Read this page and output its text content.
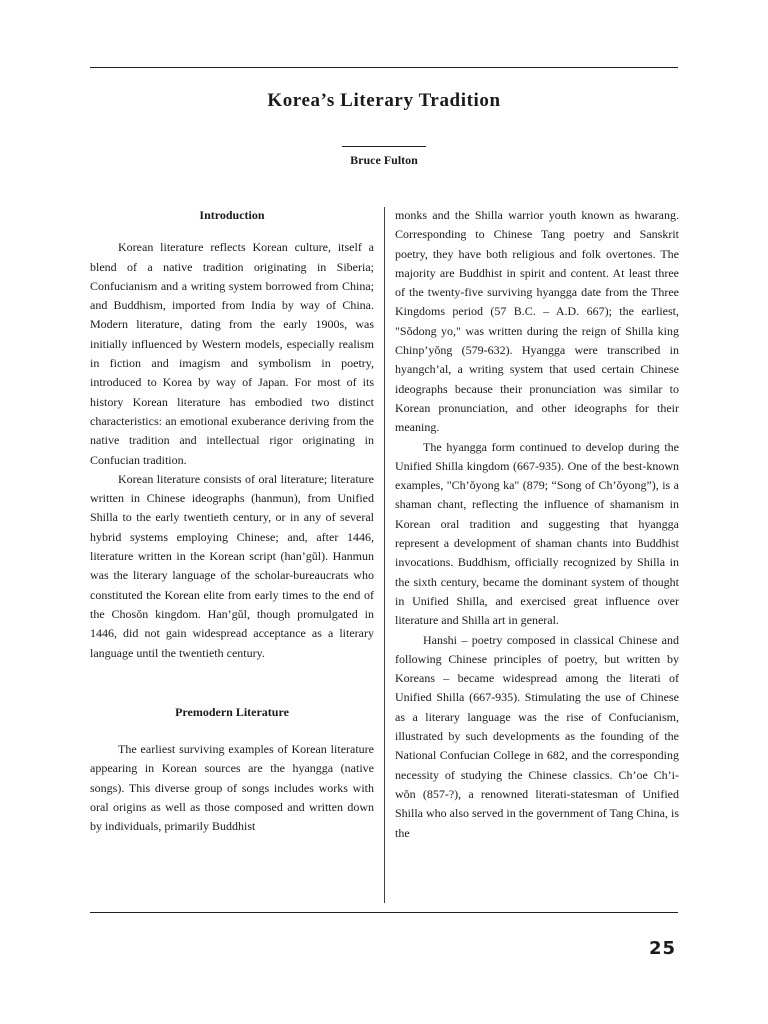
Korea’s Literary Tradition

Bruce Fulton

Introduction

Korean literature reflects Korean culture, itself a blend of a native tradition originating in Siberia; Confucianism and a writing system borrowed from China; and Buddhism, imported from India by way of China. Modern literature, dating from the early 1900s, was initially influenced by Western models, especially realism in fiction and imagism and symbolism in poetry, introduced to Korea by way of Japan. For most of its history Korean literature has embodied two distinct characteristics: an emotional exuberance deriving from the native tradition and intellectual rigor originating in Confucian tradition.

Korean literature consists of oral literature; literature written in Chinese ideographs (hanmun), from Unified Shilla to the early twentieth century, or in any of several hybrid systems employing Chinese; and, after 1446, literature written in the Korean script (han’gŭl). Hanmun was the literary language of the scholar-bureaucrats who constituted the Korean elite from early times to the end of the Chosŏn kingdom. Han’gŭl, though promulgated in 1446, did not gain widespread acceptance as a literary language until the twentieth century.

Premodern Literature

The earliest surviving examples of Korean literature appearing in Korean sources are the hyangga (native songs). This diverse group of songs includes works with oral origins as well as those composed and written down by individuals, primarily Buddhist

monks and the Shilla warrior youth known as hwarang. Corresponding to Chinese Tang poetry and Sanskrit poetry, they have both religious and folk overtones. The majority are Buddhist in spirit and content. At least three of the twenty-five surviving hyangga date from the Three Kingdoms period (57 B.C. – A.D. 667); the earliest, "Sŏdong yo," was written during the reign of Shilla king Chinp’yŏng (579-632). Hyangga were transcribed in hyangch’al, a writing system that used certain Chinese ideographs because their pronunciation was similar to Korean pronunciation, and other ideographs for their meaning.

The hyangga form continued to develop during the Unified Shilla kingdom (667-935). One of the best-known examples, "Ch’ŏyong ka" (879; “Song of Ch’ŏyong”), is a shaman chant, reflecting the influence of shamanism in Korean oral tradition and suggesting that hyangga represent a development of shaman chants into Buddhist invocations. Buddhism, officially recognized by Shilla in the sixth century, became the dominant system of thought in Unified Shilla, and exercised great influence over literature and Shilla art in general.

Hanshi – poetry composed in classical Chinese and following Chinese principles of poetry, but written by Koreans – became widespread among the literati of Unified Shilla (667-935). Stimulating the use of Chinese as a literary language was the rise of Confucianism, illustrated by such developments as the founding of the National Confucian College in 682, and the corresponding necessity of studying the Chinese classics. Ch’oe Ch’i-wŏn (857-?), a renowned literati-statesman of Unified Shilla who also served in the government of Tang China, is the

25
